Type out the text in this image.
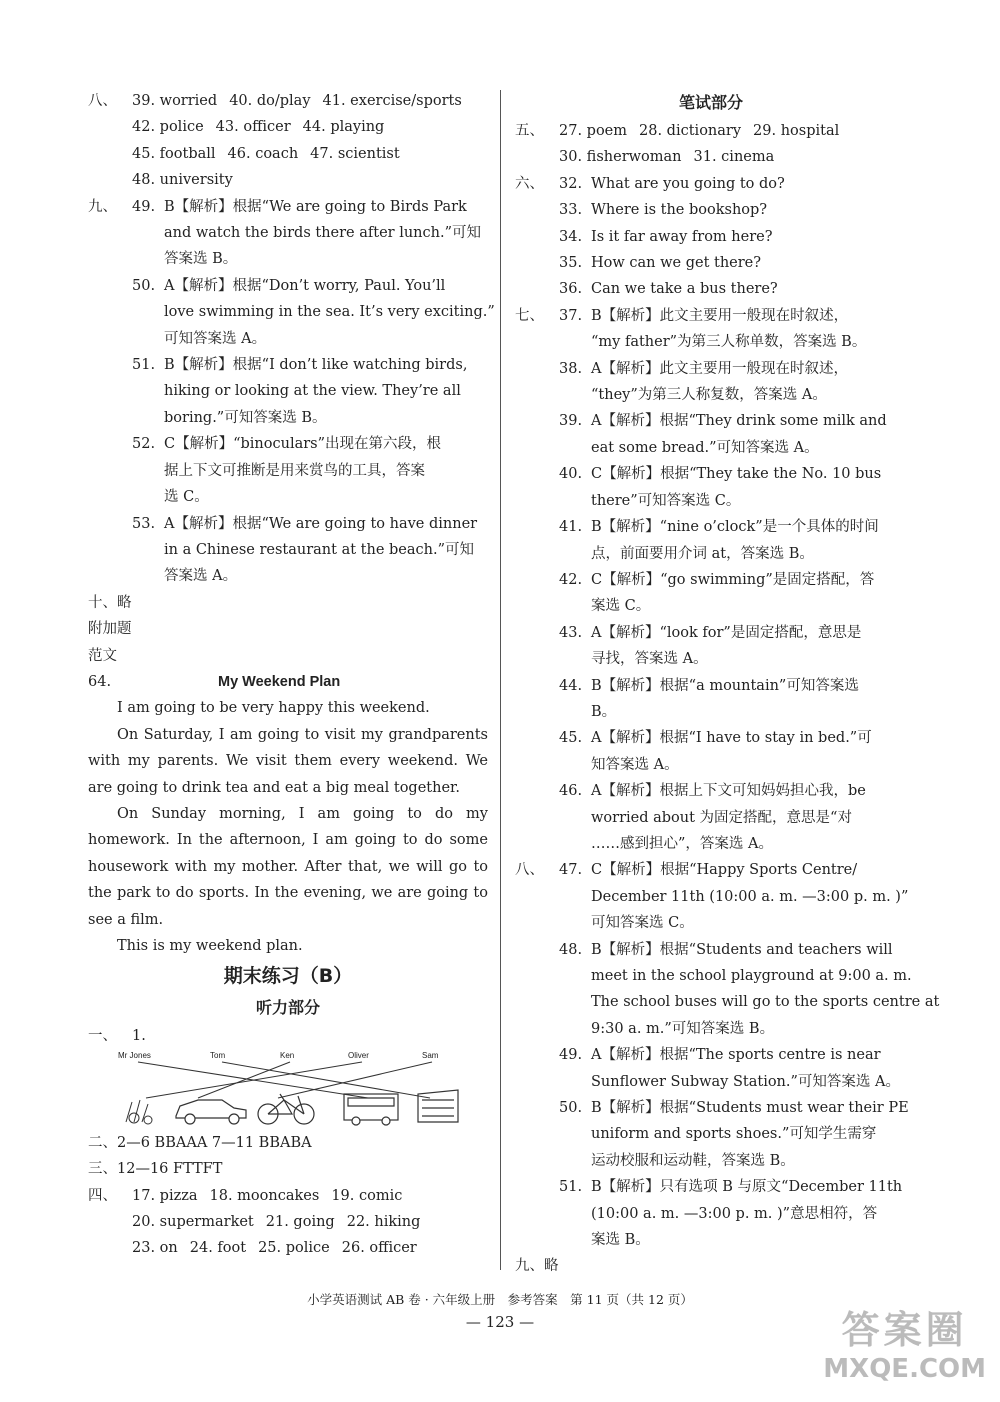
八、	39. worried 40. do/play 41. exercise/sports
42. police 43. officer 44. playing
45. football 46. coach 47. scientist
48. university
九、	49. B【解析】根据“We are going to Birds Park
and watch the birds there after lunch.”可知
答案选 B。
50. A【解析】根据“Don’t worry, Paul. You’ll
love swimming in the sea. It’s very exciting.”
可知答案选 A。
51. B【解析】根据“I don’t like watching birds,
hiking or looking at the view. They’re all
boring.”可知答案选 B。
52. C【解析】“binoculars”出现在第六段，根
据上下文可推断是用来赏鸟的工具，答案
选 C。
53. A【解析】根据“We are going to have dinner
in a Chinese restaurant at the beach.”可知
答案选 A。
十、略
附加题
范文
64.	My Weekend Plan
I am going to be very happy this weekend.
On Saturday, I am going to visit my grandparents with my parents. We visit them every weekend. We are going to drink tea and eat a big meal together.
On Sunday morning, I am going to do my homework. In the afternoon, I am going to do some housework with my mother. After that, we will go to the park to do sports. In the evening, we are going to see a film.
This is my weekend plan.
期末练习（B）
听力部分
一、	1.
Mr Jones	Tom	Ken	Oliver	Sam
二、2—6 BBAAA 7—11 BBABA
三、12—16 FTTFT
四、	17. pizza 18. mooncakes 19. comic
20. supermarket 21. going 22. hiking
23. on 24. foot 25. police 26. officer
笔试部分
五、	27. poem 28. dictionary 29. hospital
30. fisherwoman 31. cinema
六、	32. What are you going to do?
33. Where is the bookshop?
34. Is it far away from here?
35. How can we get there?
36. Can we take a bus there?
七、	37. B【解析】此文主要用一般现在时叙述，
“my father”为第三人称单数，答案选 B。
38. A【解析】此文主要用一般现在时叙述，
“they”为第三人称复数，答案选 A。
39. A【解析】根据“They drink some milk and
eat some bread.”可知答案选 A。
40. C【解析】根据“They take the No. 10 bus
there”可知答案选 C。
41. B【解析】“nine o’clock”是一个具体的时间
点，前面要用介词 at，答案选 B。
42. C【解析】“go swimming”是固定搭配，答
案选 C。
43. A【解析】“look for”是固定搭配，意思是
寻找，答案选 A。
44. B【解析】根据“a mountain”可知答案选
B。
45. A【解析】根据“I have to stay in bed.”可
知答案选 A。
46. A【解析】根据上下文可知妈妈担心我，be
worried about 为固定搭配，意思是“对
……感到担心”，答案选 A。
八、	47. C【解析】根据“Happy Sports Centre/
December 11th (10:00 a. m. —3:00 p. m. )”
可知答案选 C。
48. B【解析】根据“Students and teachers will
meet in the school playground at 9:00 a. m.
The school buses will go to the sports centre at
9:30 a. m.”可知答案选 B。
49. A【解析】根据“The sports centre is near
Sunflower Subway Station.”可知答案选 A。
50. B【解析】根据“Students must wear their PE
uniform and sports shoes.”可知学生需穿
运动校服和运动鞋，答案选 B。
51. B【解析】只有选项 B 与原文“December 11th
(10:00 a. m. —3:00 p. m. )”意思相符，答
案选 B。
九、略
小学英语测试 AB 卷 · 六年级上册　参考答案　第 11 页（共 12 页）
— 123 —	答案圈
MXQE.COM
